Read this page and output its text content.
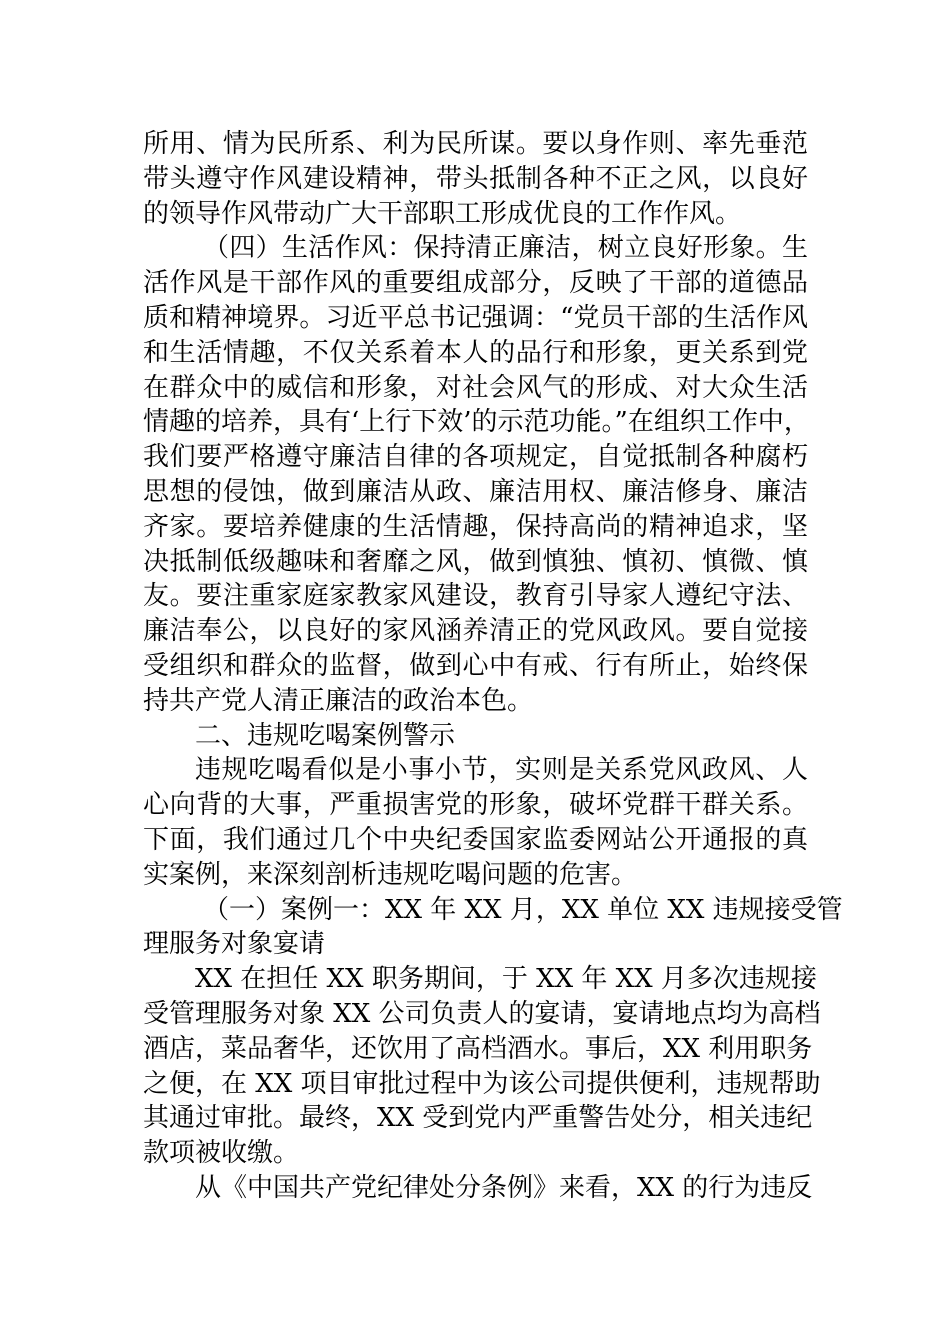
所用、情为民所系、利为民所谋。要以身作则、率先垂范
带头遵守作风建设精神，带头抵制各种不正之风，以良好
的领导作风带动广大干部职工形成优良的工作作风。
（四）生活作风：保持清正廉洁，树立良好形象。生
活作风是干部作风的重要组成部分，反映了干部的道德品
质和精神境界。习近平总书记强调：“党员干部的生活作风
和生活情趣，不仅关系着本人的品行和形象，更关系到党
在群众中的威信和形象，对社会风气的形成、对大众生活
情趣的培养，具有‘上行下效’的示范功能。”在组织工作中，
我们要严格遵守廉洁自律的各项规定，自觉抵制各种腐朽
思想的侵蚀，做到廉洁从政、廉洁用权、廉洁修身、廉洁
齐家。要培养健康的生活情趣，保持高尚的精神追求，坚
决抵制低级趣味和奢靡之风，做到慎独、慎初、慎微、慎
友。要注重家庭家教家风建设，教育引导家人遵纪守法、
廉洁奉公，以良好的家风涵养清正的党风政风。要自觉接
受组织和群众的监督，做到心中有戒、行有所止，始终保
持共产党人清正廉洁的政治本色。
二、违规吃喝案例警示
违规吃喝看似是小事小节，实则是关系党风政风、人
心向背的大事，严重损害党的形象，破坏党群干群关系。
下面，我们通过几个中央纪委国家监委网站公开通报的真
实案例，来深刻剖析违规吃喝问题的危害。
（一）案例一：XX 年 XX 月，XX 单位 XX 违规接受管
理服务对象宴请
XX 在担任 XX 职务期间，于 XX 年 XX 月多次违规接
受管理服务对象 XX 公司负责人的宴请，宴请地点均为高档
酒店，菜品奢华，还饮用了高档酒水。事后，XX 利用职务
之便，在 XX 项目审批过程中为该公司提供便利，违规帮助
其通过审批。最终，XX 受到党内严重警告处分，相关违纪
款项被收缴。
从《中国共产党纪律处分条例》来看，XX 的行为违反
